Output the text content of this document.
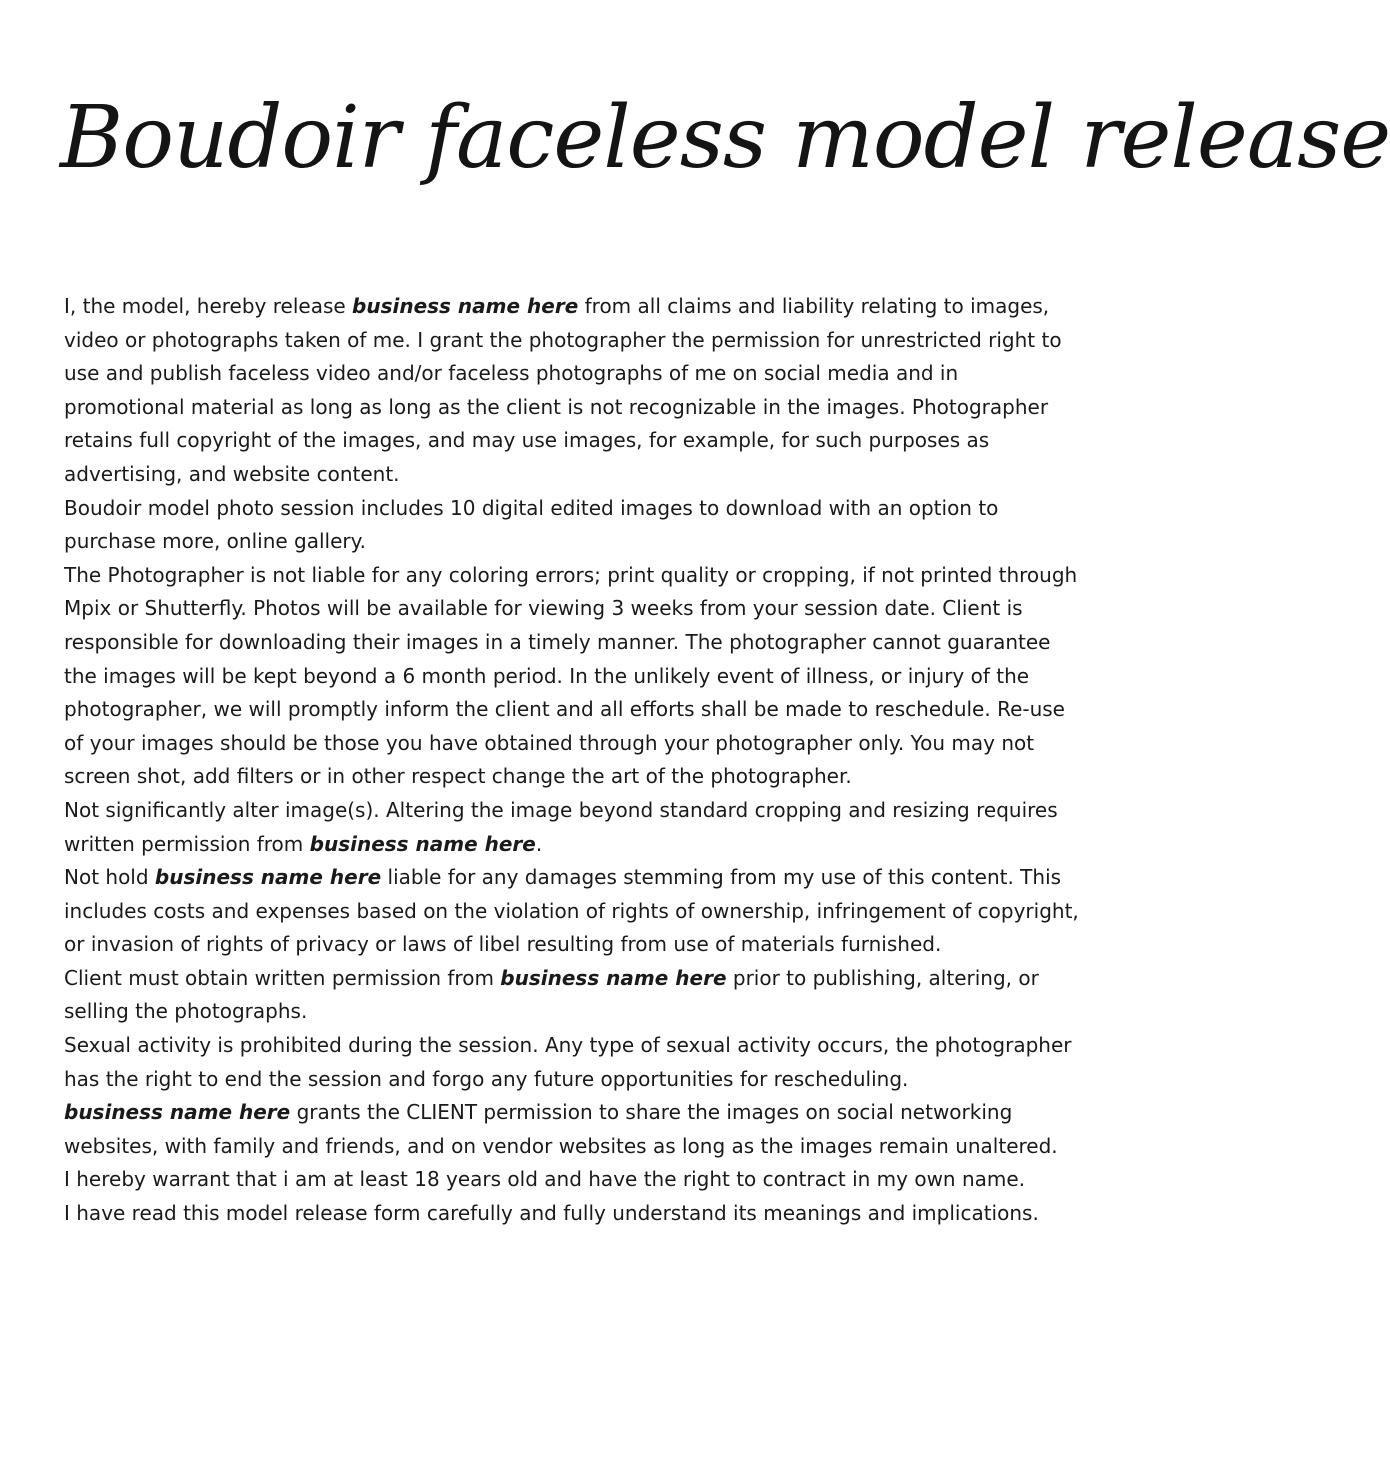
Boudoir faceless model release

I, the model, hereby release business name here from all claims and liability relating to images, video or photographs taken of me. I grant the photographer the permission for unrestricted right to use and publish faceless video and/or faceless photographs of me on social media and in promotional material as long as long as the client is not recognizable in the images. Photographer retains full copyright of the images, and may use images, for example, for such purposes as advertising, and website content.

Boudoir model photo session includes 10 digital edited images to download with an option to purchase more, online gallery.

The Photographer is not liable for any coloring errors; print quality or cropping, if not printed through Mpix or Shutterfly. Photos will be available for viewing 3 weeks from your session date. Client is responsible for downloading their images in a timely manner. The photographer cannot guarantee the images will be kept beyond a 6 month period. In the unlikely event of illness, or injury of the photographer, we will promptly inform the client and all efforts shall be made to reschedule. Re-use of your images should be those you have obtained through your photographer only. You may not screen shot, add filters or in other respect change the art of the photographer.

Not significantly alter image(s). Altering the image beyond standard cropping and resizing requires written permission from business name here.

Not hold business name here liable for any damages stemming from my use of this content. This includes costs and expenses based on the violation of rights of ownership, infringement of copyright, or invasion of rights of privacy or laws of libel resulting from use of materials furnished.

Client must obtain written permission from business name here prior to publishing, altering, or selling the photographs.

Sexual activity is prohibited during the session. Any type of sexual activity occurs, the photographer has the right to end the session and forgo any future opportunities for rescheduling.

business name here grants the CLIENT permission to share the images on social networking websites, with family and friends, and on vendor websites as long as the images remain unaltered.

I hereby warrant that i am at least 18 years old and have the right to contract in my own name.

I have read this model release form carefully and fully understand its meanings and implications.
